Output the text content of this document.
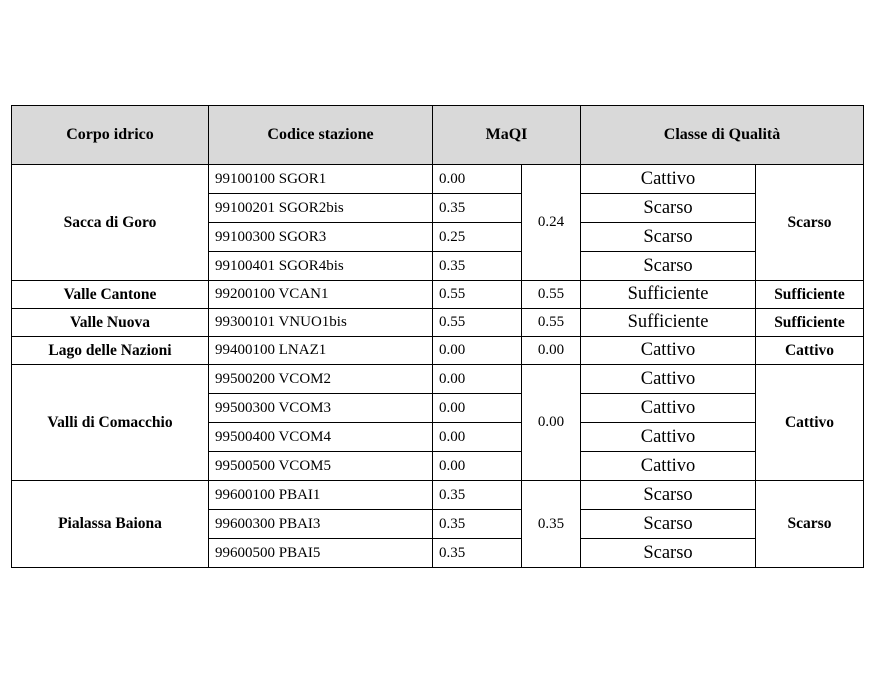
Corpo idrico	Codice stazione	MaQI		Classe di Qualità	
Sacca di Goro	99100100 SGOR1	0.00	0.24	Cattivo	Scarso
	99100201 SGOR2bis	0.35		Scarso	
	99100300 SGOR3	0.25		Scarso	
	99100401 SGOR4bis	0.35		Scarso	
Valle Cantone	99200100 VCAN1	0.55	0.55	Sufficiente	Sufficiente
Valle Nuova	99300101 VNUO1bis	0.55	0.55	Sufficiente	Sufficiente
Lago delle Nazioni	99400100 LNAZ1	0.00	0.00	Cattivo	Cattivo
Valli di Comacchio	99500200 VCOM2	0.00	0.00	Cattivo	Cattivo
	99500300 VCOM3	0.00		Cattivo	
	99500400 VCOM4	0.00		Cattivo	
	99500500 VCOM5	0.00		Cattivo	
Pialassa Baiona	99600100 PBAI1	0.35	0.35	Scarso	Scarso
	99600300 PBAI3	0.35		Scarso	
	99600500 PBAI5	0.35		Scarso	
